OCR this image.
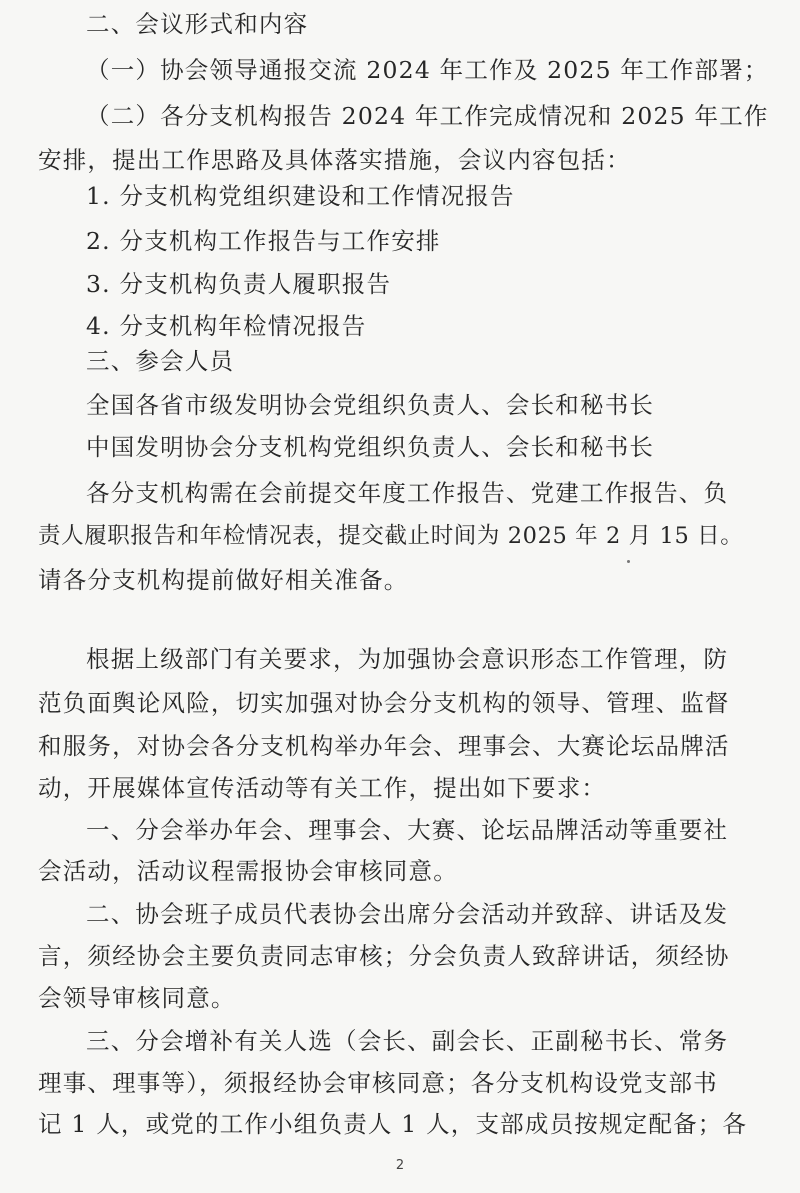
二、会议形式和内容
（一）协会领导通报交流 2024 年工作及 2025 年工作部署；
（二）各分支机构报告 2024 年工作完成情况和 2025 年工作
安排，提出工作思路及具体落实措施，会议内容包括：
1. 分支机构党组织建设和工作情况报告
2. 分支机构工作报告与工作安排
3. 分支机构负责人履职报告
4. 分支机构年检情况报告
三、参会人员
全国各省市级发明协会党组织负责人、会长和秘书长
中国发明协会分支机构党组织负责人、会长和秘书长
各分支机构需在会前提交年度工作报告、党建工作报告、负
责人履职报告和年检情况表，提交截止时间为 2025 年 2 月 15 日。
请各分支机构提前做好相关准备。
根据上级部门有关要求，为加强协会意识形态工作管理，防
范负面舆论风险，切实加强对协会分支机构的领导、管理、监督
和服务，对协会各分支机构举办年会、理事会、大赛论坛品牌活
动，开展媒体宣传活动等有关工作，提出如下要求：
一、分会举办年会、理事会、大赛、论坛品牌活动等重要社
会活动，活动议程需报协会审核同意。
二、协会班子成员代表协会出席分会活动并致辞、讲话及发
言，须经协会主要负责同志审核；分会负责人致辞讲话，须经协
会领导审核同意。
三、分会增补有关人选（会长、副会长、正副秘书长、常务
理事、理事等），须报经协会审核同意；各分支机构设党支部书
记 1 人，或党的工作小组负责人 1 人，支部成员按规定配备；各
2
